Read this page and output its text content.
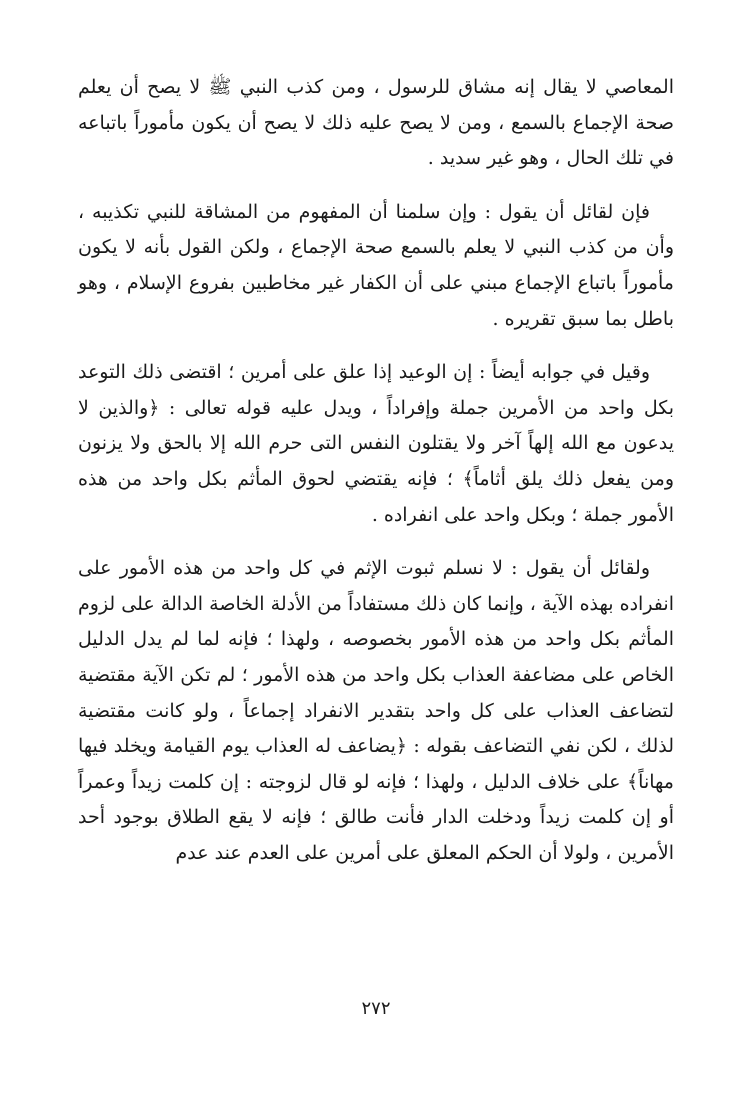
المعاصي لا يقال إنه مشاق للرسول ، ومن كذب النبي ﷺ لا يصح أن يعلم صحة الإجماع بالسمع ، ومن لا يصح عليه ذلك لا يصح أن يكون مأموراً باتباعه في تلك الحال ، وهو غير سديد .

فإن لقائل أن يقول : وإن سلمنا أن المفهوم من المشاقة للنبي تكذيبه ، وأن من كذب النبي لا يعلم بالسمع صحة الإجماع ، ولكن القول بأنه لا يكون مأموراً باتباع الإجماع مبني على أن الكفار غير مخاطبين بفروع الإسلام ، وهو باطل بما سبق تقريره .

وقيل في جوابه أيضاً : إن الوعيد إذا علق على أمرين ؛ اقتضى ذلك التوعد بكل واحد من الأمرين جملة وإفراداً ، ويدل عليه قوله تعالى : ﴿والذين لا يدعون مع الله إلهاً آخر ولا يقتلون النفس التى حرم الله إلا بالحق ولا يزنون ومن يفعل ذلك يلق أثاماً﴾ ؛ فإنه يقتضي لحوق المأثم بكل واحد من هذه الأمور جملة ؛ وبكل واحد على انفراده .

ولقائل أن يقول : لا نسلم ثبوت الإثم في كل واحد من هذه الأمور على انفراده بهذه الآية ، وإنما كان ذلك مستفاداً من الأدلة الخاصة الدالة على لزوم المأثم بكل واحد من هذه الأمور بخصوصه ، ولهذا ؛ فإنه لما لم يدل الدليل الخاص على مضاعفة العذاب بكل واحد من هذه الأمور ؛ لم تكن الآية مقتضية لتضاعف العذاب على كل واحد بتقدير الانفراد إجماعاً ، ولو كانت مقتضية لذلك ، لكن نفي التضاعف بقوله : ﴿يضاعف له العذاب يوم القيامة ويخلد فيها مهاناً﴾ على خلاف الدليل ، ولهذا ؛ فإنه لو قال لزوجته : إن كلمت زيداً وعمراً أو إن كلمت زيداً ودخلت الدار فأنت طالق ؛ فإنه لا يقع الطلاق بوجود أحد الأمرين ، ولولا أن الحكم المعلق على أمرين على العدم عند عدم

٢٧٢
